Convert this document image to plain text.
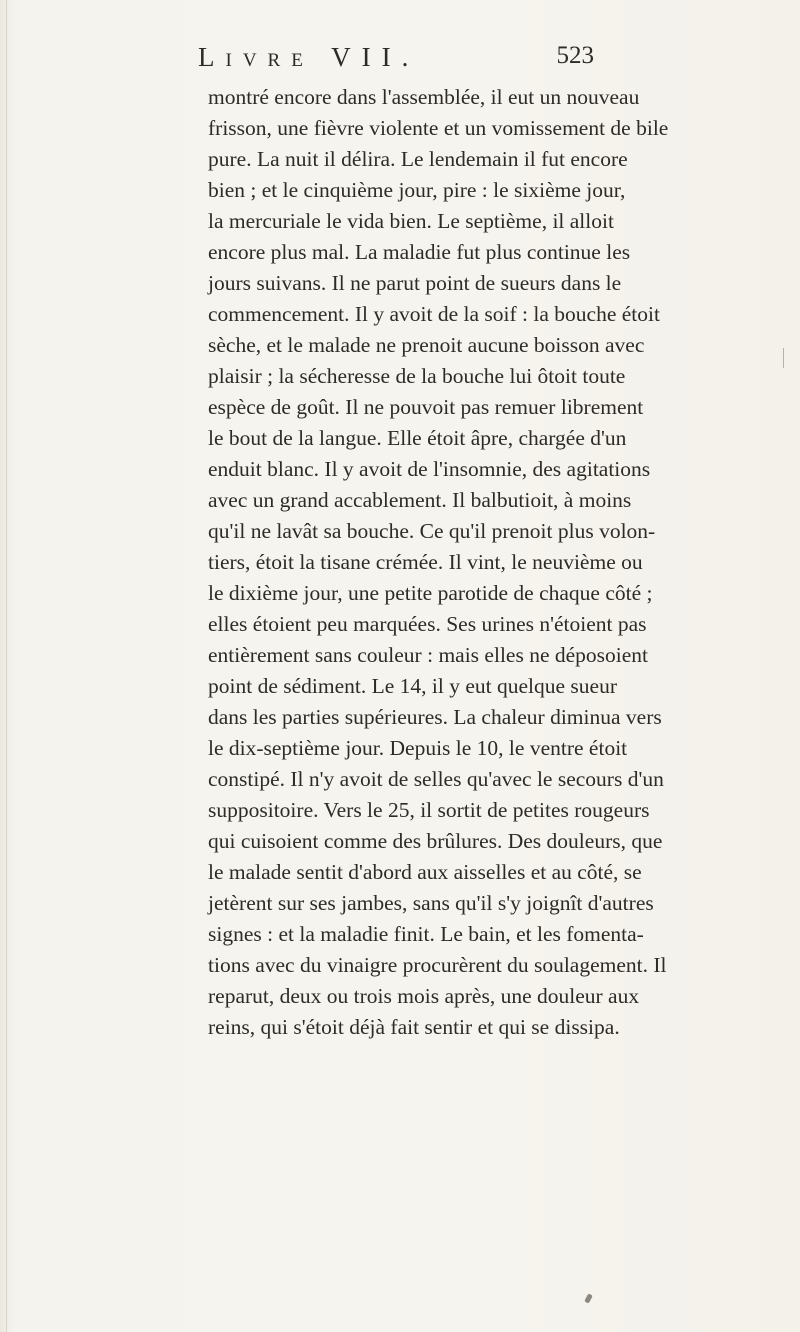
Livre VII.	523
montré encore dans l'assemblée, il eut un nouveau
frisson, une fièvre violente et un vomissement de bile
pure. La nuit il délira. Le lendemain il fut encore
bien ; et le cinquième jour, pire : le sixième jour,
la mercuriale le vida bien. Le septième, il alloit
encore plus mal. La maladie fut plus continue les
jours suivans. Il ne parut point de sueurs dans le
commencement. Il y avoit de la soif : la bouche étoit
sèche, et le malade ne prenoit aucune boisson avec
plaisir ; la sécheresse de la bouche lui ôtoit toute
espèce de goût. Il ne pouvoit pas remuer librement
le bout de la langue. Elle étoit âpre, chargée d'un
enduit blanc. Il y avoit de l'insomnie, des agitations
avec un grand accablement. Il balbutioit, à moins
qu'il ne lavât sa bouche. Ce qu'il prenoit plus volon-
tiers, étoit la tisane crémée. Il vint, le neuvième ou
le dixième jour, une petite parotide de chaque côté ;
elles étoient peu marquées. Ses urines n'étoient pas
entièrement sans couleur : mais elles ne déposoient
point de sédiment. Le 14, il y eut quelque sueur
dans les parties supérieures. La chaleur diminua vers
le dix-septième jour. Depuis le 10, le ventre étoit
constipé. Il n'y avoit de selles qu'avec le secours d'un
suppositoire. Vers le 25, il sortit de petites rougeurs
qui cuisoient comme des brûlures. Des douleurs, que
le malade sentit d'abord aux aisselles et au côté, se
jetèrent sur ses jambes, sans qu'il s'y joignît d'autres
signes : et la maladie finit. Le bain, et les fomenta-
tions avec du vinaigre procurèrent du soulagement. Il
reparut, deux ou trois mois après, une douleur aux
reins, qui s'étoit déjà fait sentir et qui se dissipa.
